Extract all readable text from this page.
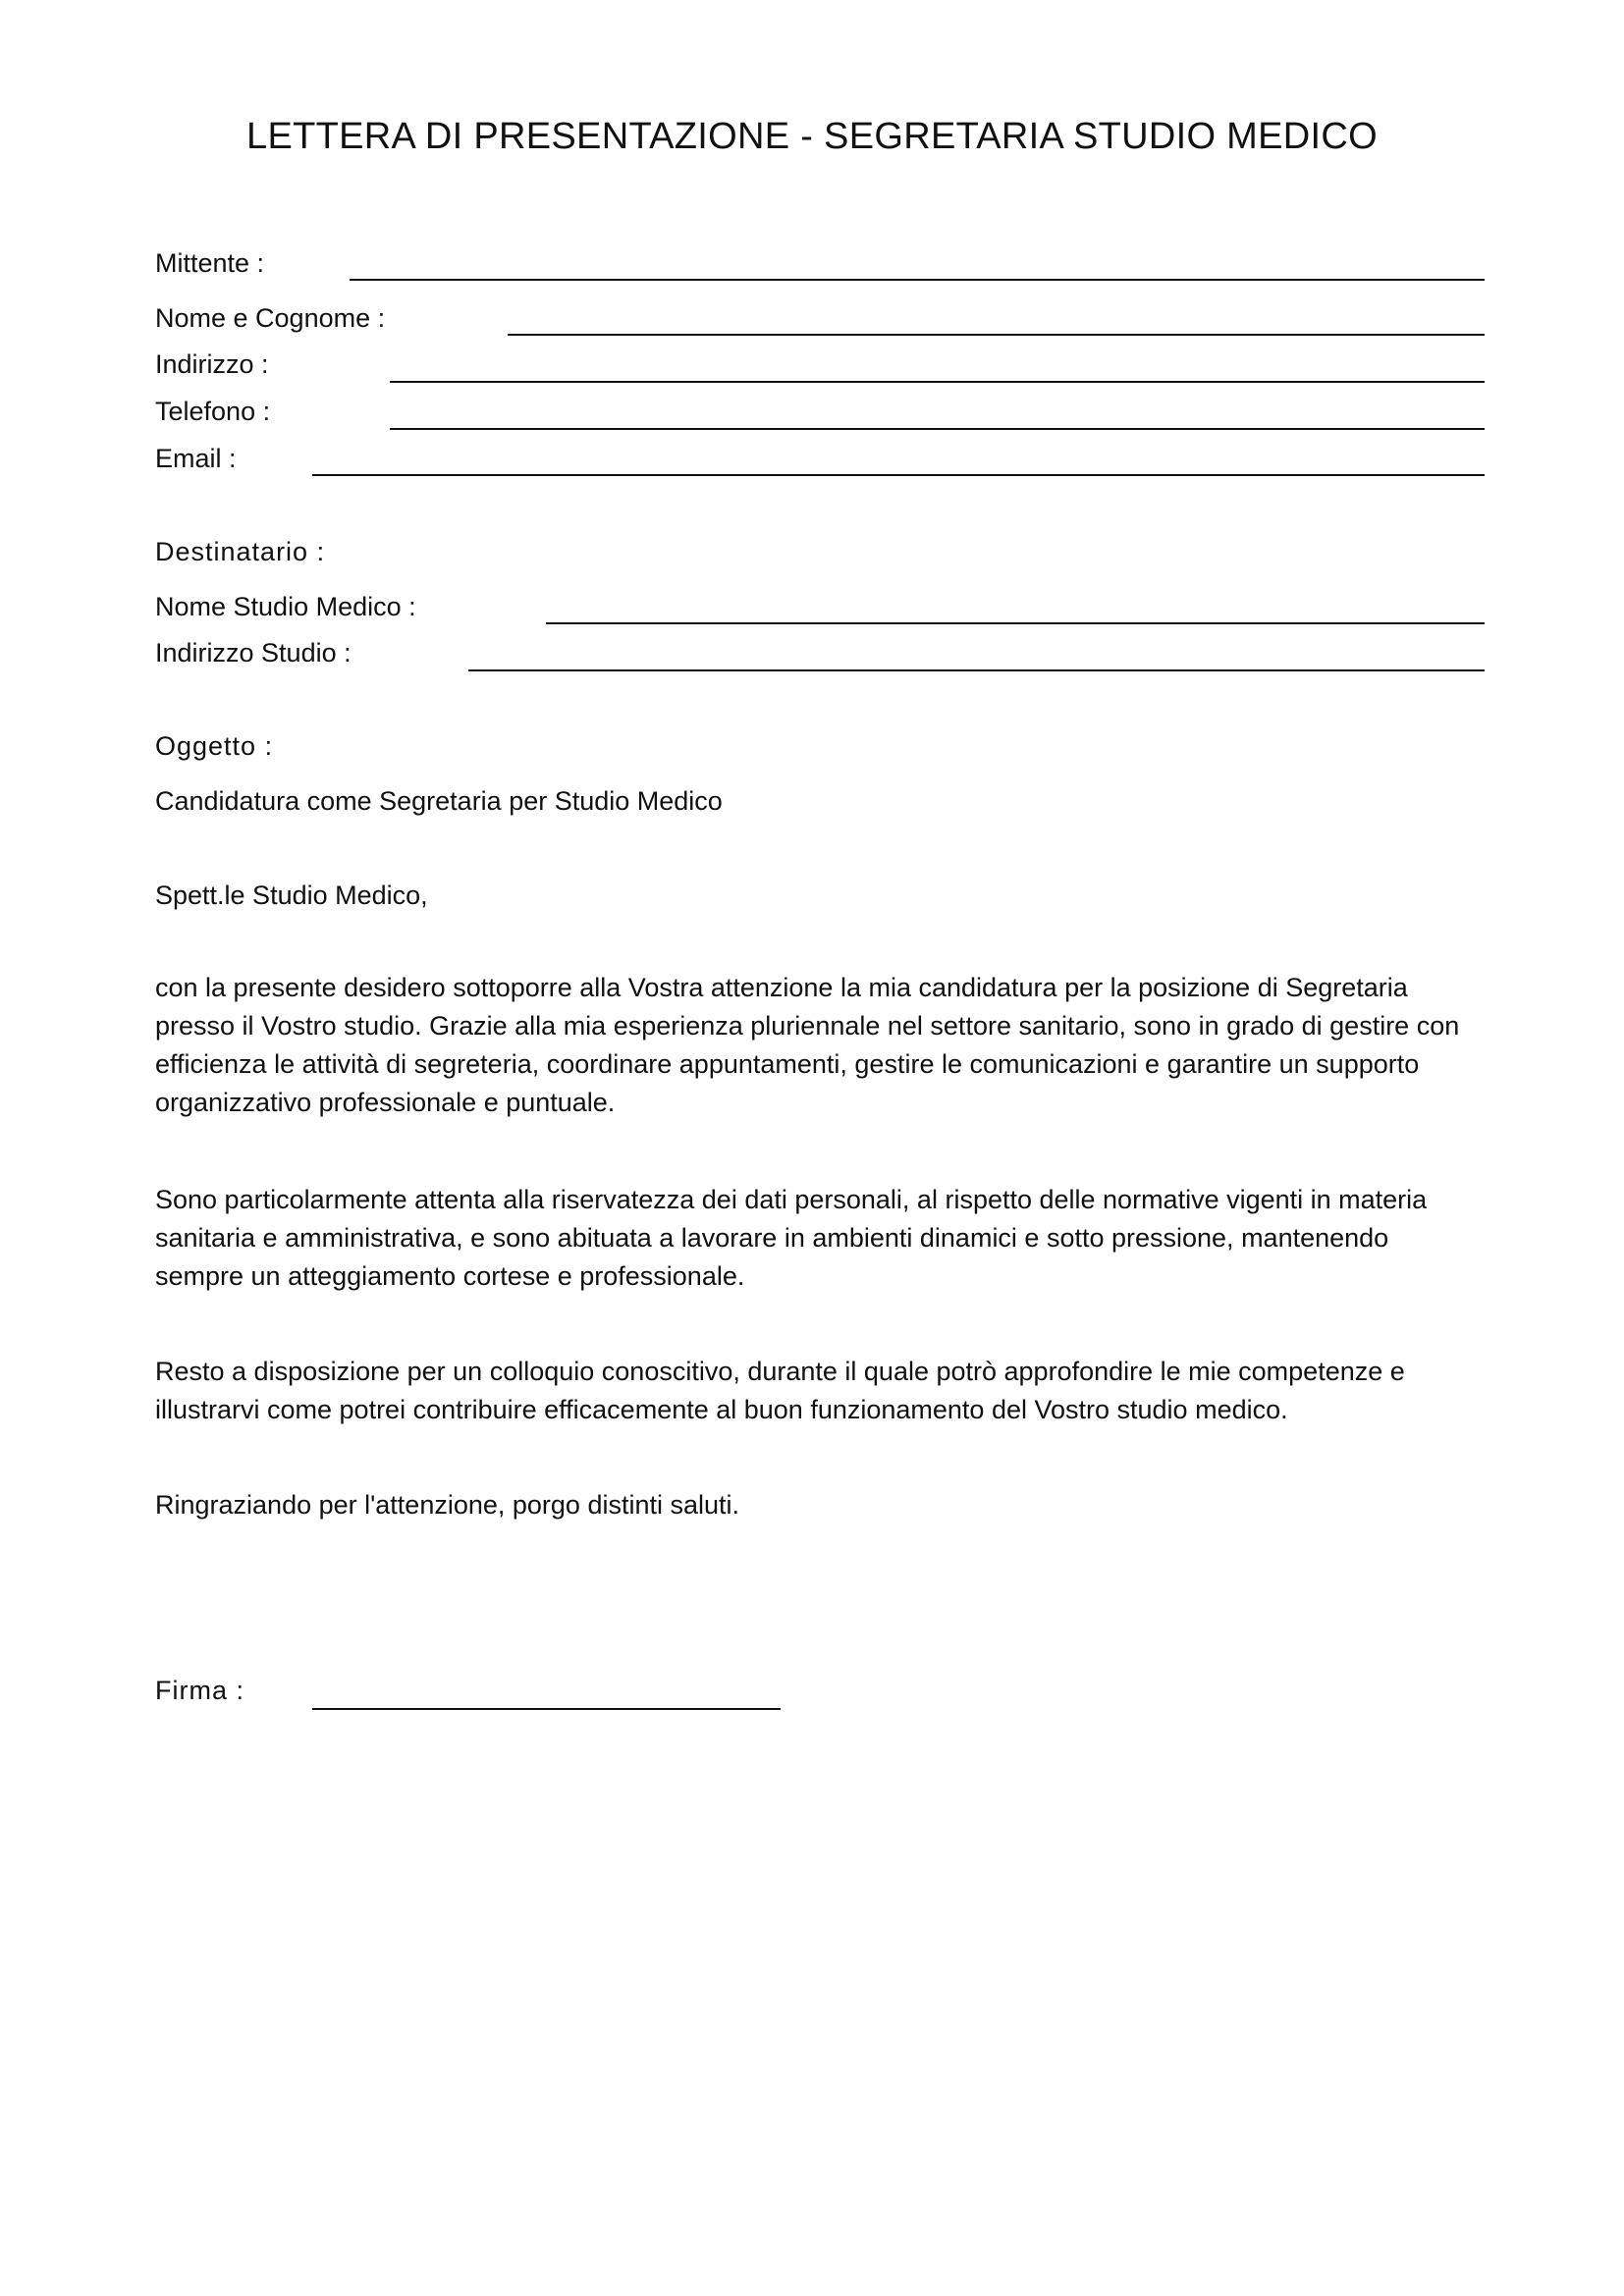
LETTERA DI PRESENTAZIONE - SEGRETARIA STUDIO MEDICO
Mittente :
Nome e Cognome :
Indirizzo :
Telefono :
Email :
Destinatario :
Nome Studio Medico :
Indirizzo Studio :
Oggetto :
Candidatura come Segretaria per Studio Medico
Spett.le Studio Medico,
con la presente desidero sottoporre alla Vostra attenzione la mia candidatura per la posizione di Segretaria presso il Vostro studio. Grazie alla mia esperienza pluriennale nel settore sanitario, sono in grado di gestire con efficienza le attività di segreteria, coordinare appuntamenti, gestire le comunicazioni e garantire un supporto organizzativo professionale e puntuale.
Sono particolarmente attenta alla riservatezza dei dati personali, al rispetto delle normative vigenti in materia sanitaria e amministrativa, e sono abituata a lavorare in ambienti dinamici e sotto pressione, mantenendo sempre un atteggiamento cortese e professionale.
Resto a disposizione per un colloquio conoscitivo, durante il quale potrò approfondire le mie competenze e illustrarvi come potrei contribuire efficacemente al buon funzionamento del Vostro studio medico.
Ringraziando per l'attenzione, porgo distinti saluti.
Firma :
